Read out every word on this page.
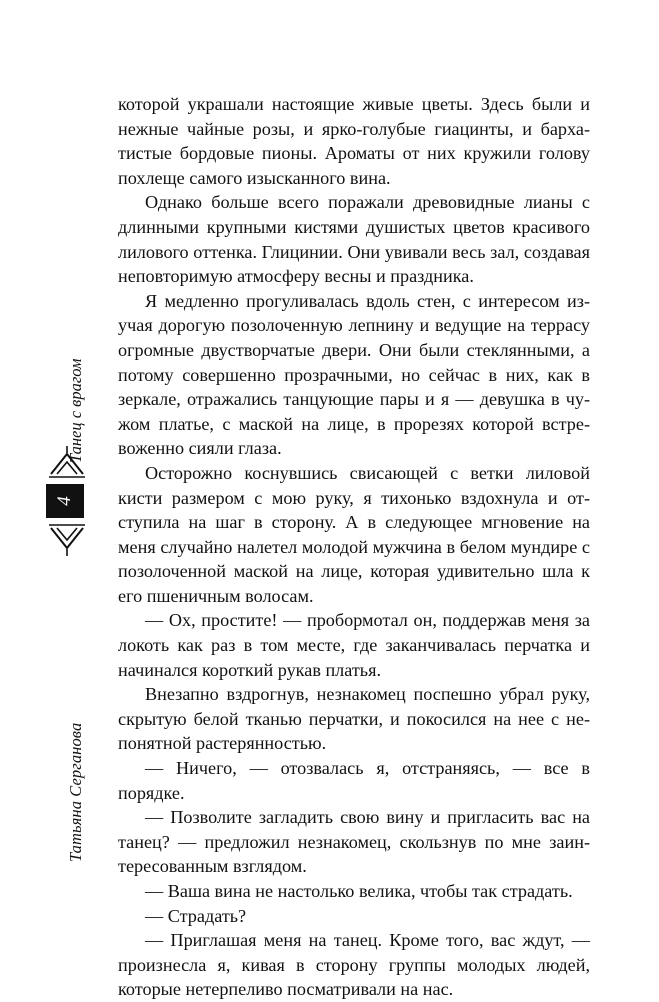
Танец с врагом
4
Татьяна Серганова

которой украшали настоящие живые цветы. Здесь были и нежные чайные розы, и ярко-голубые гиацинты, и бархатистые бордовые пионы. Ароматы от них кружили голову похлеще самого изысканного вина.

Однако больше всего поражали древовидные лианы с длинными крупными кистями душистых цветов красивого лилового оттенка. Глицинии. Они увивали весь зал, создавая неповторимую атмосферу весны и праздника.

Я медленно прогуливалась вдоль стен, с интересом изучая дорогую позолоченную лепнину и ведущие на террасу огромные двустворчатые двери. Они были стеклянными, а потому совершенно прозрачными, но сейчас в них, как в зеркале, отражались танцующие пары и я — девушка в чужом платье, с маской на лице, в прорезях которой встревоженно сияли глаза.

Осторожно коснувшись свисающей с ветки лиловой кисти размером с мою руку, я тихонько вздохнула и отступила на шаг в сторону. А в следующее мгновение на меня случайно налетел молодой мужчина в белом мундире с позолоченной маской на лице, которая удивительно шла к его пшеничным волосам.

— Ох, простите! — пробормотал он, поддержав меня за локоть как раз в том месте, где заканчивалась перчатка и начинался короткий рукав платья.

Внезапно вздрогнув, незнакомец поспешно убрал руку, скрытую белой тканью перчатки, и покосился на нее с непонятной растерянностью.

— Ничего, — отозвалась я, отстраняясь, — все в порядке.

— Позволите загладить свою вину и пригласить вас на танец? — предложил незнакомец, скользнув по мне заинтересованным взглядом.

— Ваша вина не настолько велика, чтобы так страдать.

— Страдать?

— Приглашая меня на танец. Кроме того, вас ждут, — произнесла я, кивая в сторону группы молодых людей, которые нетерпеливо посматривали на нас.
